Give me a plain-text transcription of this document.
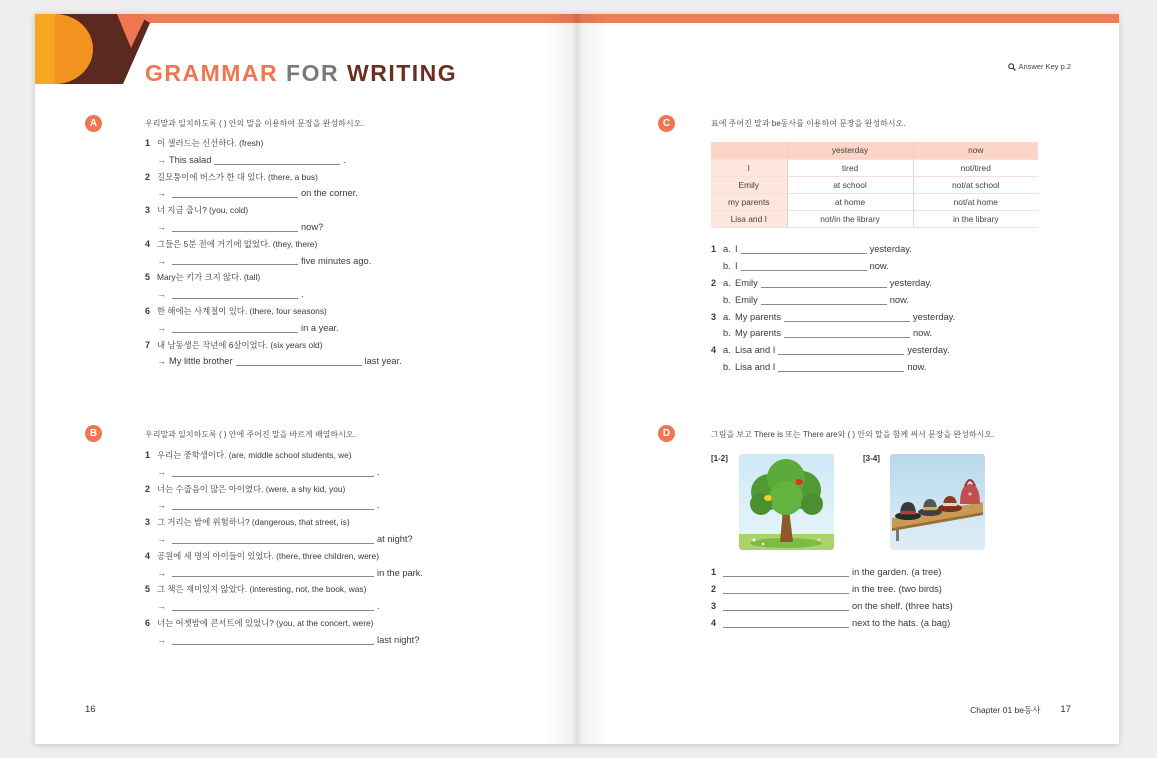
GRAMMAR FOR WRITING
A	우리말과 일치하도록 ( ) 안의 말을 이용하여 문장을 완성하시오.
1 이 샐러드는 신선하다. (fresh)
→ This salad	.
2 길모퉁이에 버스가 한 대 있다. (there, a bus)
→	on the corner.
3 너 지금 춥니? (you, cold)
→	now?
4 그들은 5분 전에 거기에 없었다. (they, there)
→	five minutes ago.
5 Mary는 키가 크지 않다. (tall)
→	.
6 한 해에는 사계절이 있다. (there, four seasons)
→	in a year.
7 내 남동생은 작년에 6살이었다. (six years old)
→ My little brother	last year.
B	우리말과 일치하도록 ( ) 안에 주어진 말을 바르게 배열하시오.
1 우리는 중학생이다. (are, middle school students, we)
→	.
2 너는 수줍음이 많은 아이였다. (were, a shy kid, you)
→	.
3 그 거리는 밤에 위험하니? (dangerous, that street, is)
→	at night?
4 공원에 세 명의 아이들이 있었다. (there, three children, were)
→	in the park.
5 그 책은 재미있지 않았다. (interesting, not, the book, was)
→	.
6 너는 어젯밤에 콘서트에 있었니? (you, at the concert, were)
→	last night?
16
Answer Key p.2
C	표에 주어진 말과 be동사를 이용하여 문장을 완성하시오.
	yesterday	now
I	tired	not/tired
Emily	at school	not/at school
my parents	at home	not/at home
Lisa and I	not/in the library	in the library
1 a. I	yesterday.
b. I	now.
2 a. Emily	yesterday.
b. Emily	now.
3 a. My parents	yesterday.
b. My parents	now.
4 a. Lisa and I	yesterday.
b. Lisa and I	now.
D	그림을 보고 There is 또는 There are와 ( ) 안의 말을 함께 써서 문장을 완성하시오.
[1-2]	[3-4]
1	in the garden. (a tree)
2	in the tree. (two birds)
3	on the shelf. (three hats)
4	next to the hats. (a bag)
Chapter 01 be동사 17
